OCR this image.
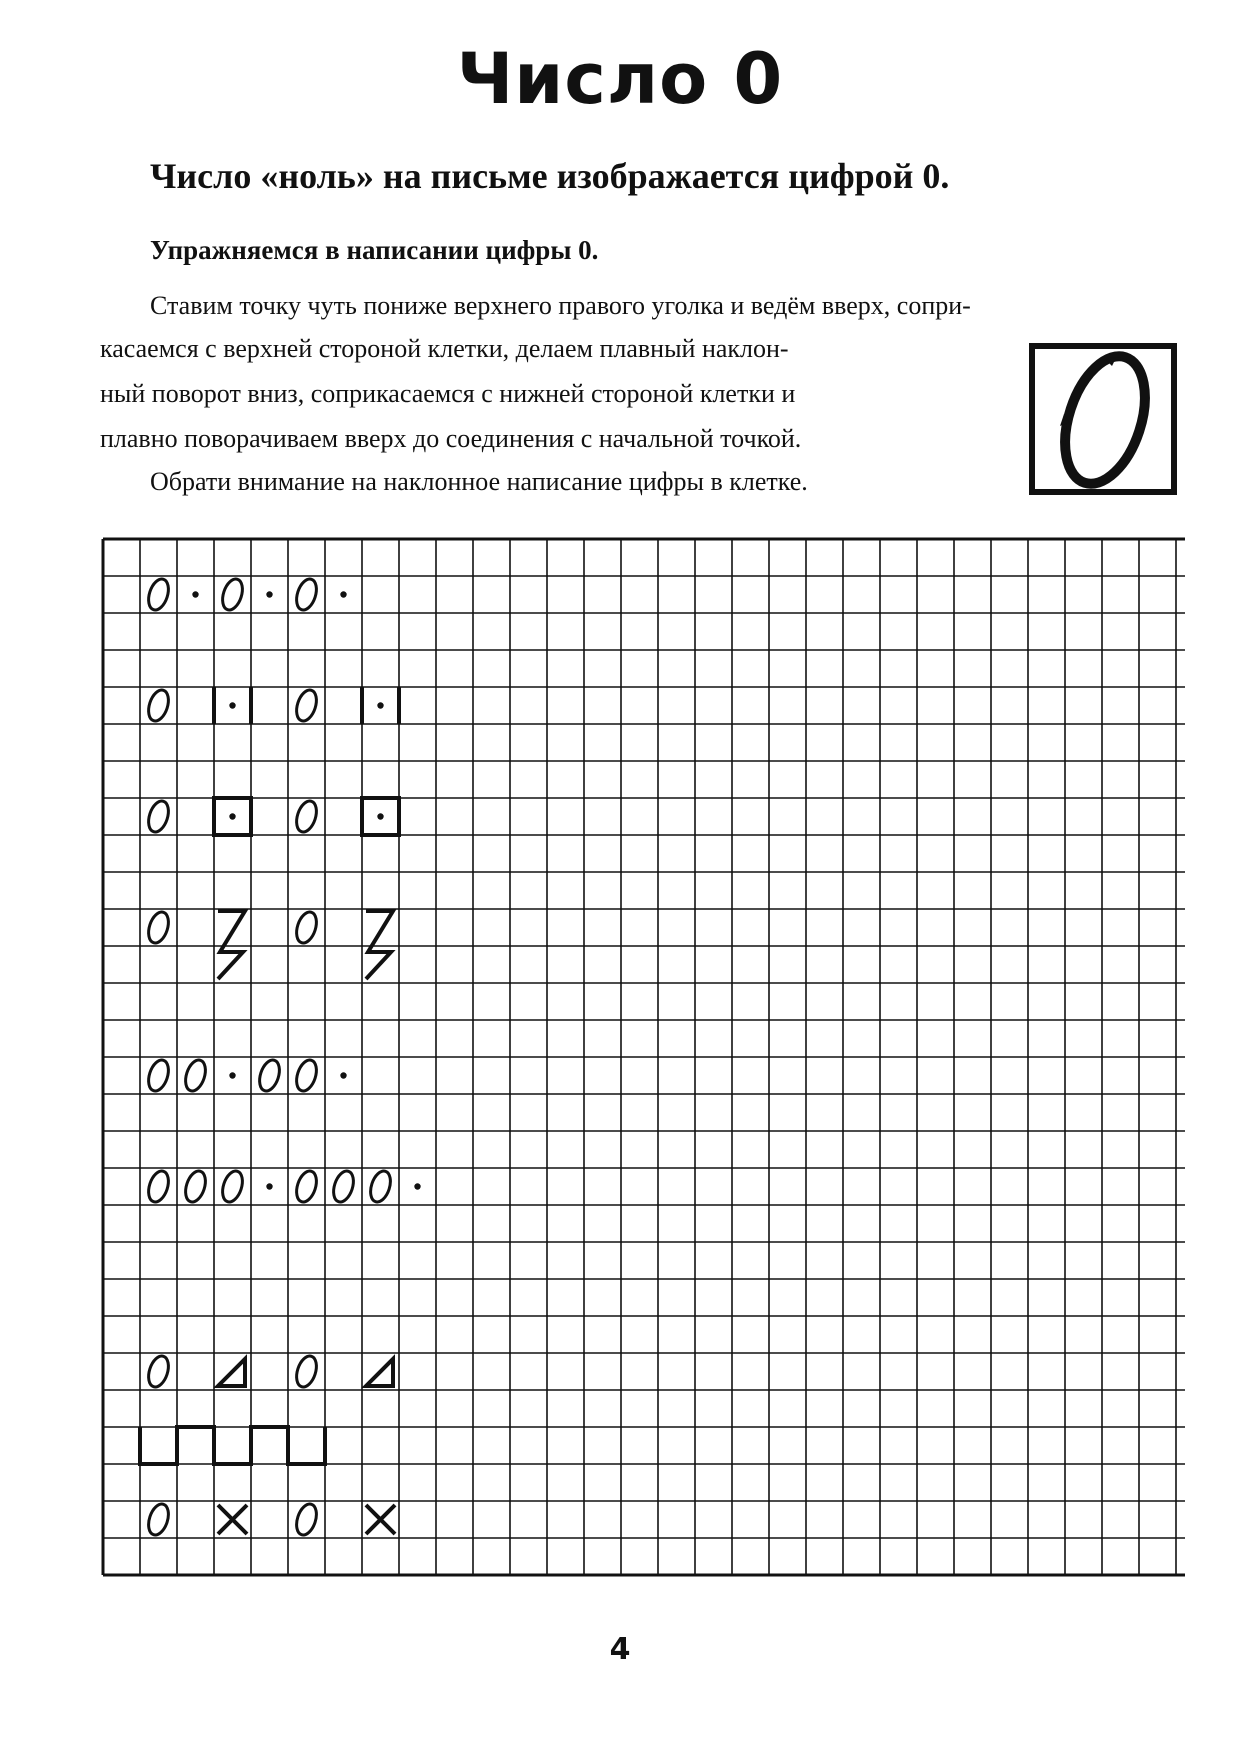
Число 0

Число «ноль» на письме изображается цифрой 0.

Упражняемся в написании цифры 0.

Ставим точку чуть пониже верхнего правого уголка и ведём вверх, сопри-

касаемся с верхней стороной клетки, делаем плавный наклон-

ный поворот вниз, соприкасаемся с нижней стороной клетки и

плавно поворачиваем вверх до соединения с начальной точкой.

Обрати внимание на наклонное написание цифры в клетке.

4
